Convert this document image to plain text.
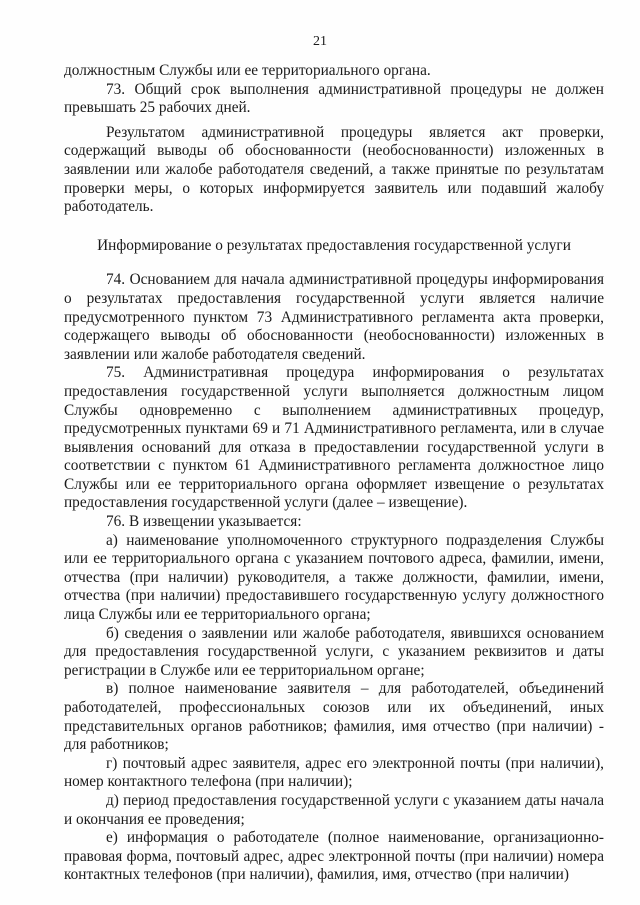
21

должностным Службы или ее территориального органа.

73. Общий срок выполнения административной процедуры не должен превышать 25 рабочих дней.

Результатом административной процедуры является акт проверки, содержащий выводы об обоснованности (необоснованности) изложенных в заявлении или жалобе работодателя сведений, а также принятые по результатам проверки меры, о которых информируется заявитель или подавший жалобу работодатель.

Информирование о результатах предоставления государственной услуги

74. Основанием для начала административной процедуры информирования о результатах предоставления государственной услуги является наличие предусмотренного пунктом 73 Административного регламента акта проверки, содержащего выводы об обоснованности (необоснованности) изложенных в заявлении или жалобе работодателя сведений.

75. Административная процедура информирования о результатах предоставления государственной услуги выполняется должностным лицом Службы одновременно с выполнением административных процедур, предусмотренных пунктами 69 и 71 Административного регламента, или в случае выявления оснований для отказа в предоставлении государственной услуги в соответствии с пунктом 61 Административного регламента должностное лицо Службы или ее территориального органа оформляет извещение о результатах предоставления государственной услуги (далее – извещение).

76. В извещении указывается:

а) наименование уполномоченного структурного подразделения Службы или ее территориального органа с указанием почтового адреса, фамилии, имени, отчества (при наличии) руководителя, а также должности, фамилии, имени, отчества (при наличии) предоставившего государственную услугу должностного лица Службы или ее территориального органа;

б) сведения о заявлении или жалобе работодателя, явившихся основанием для предоставления государственной услуги, с указанием реквизитов и даты регистрации в Службе или ее территориальном органе;

в) полное наименование заявителя – для работодателей, объединений работодателей, профессиональных союзов или их объединений, иных представительных органов работников; фамилия, имя отчество (при наличии) - для работников;

г) почтовый адрес заявителя, адрес его электронной почты (при наличии), номер контактного телефона (при наличии);

д) период предоставления государственной услуги с указанием даты начала и окончания ее проведения;

е) информация о работодателе (полное наименование, организационно-правовая форма, почтовый адрес, адрес электронной почты (при наличии) номера контактных телефонов (при наличии), фамилия, имя, отчество (при наличии)
